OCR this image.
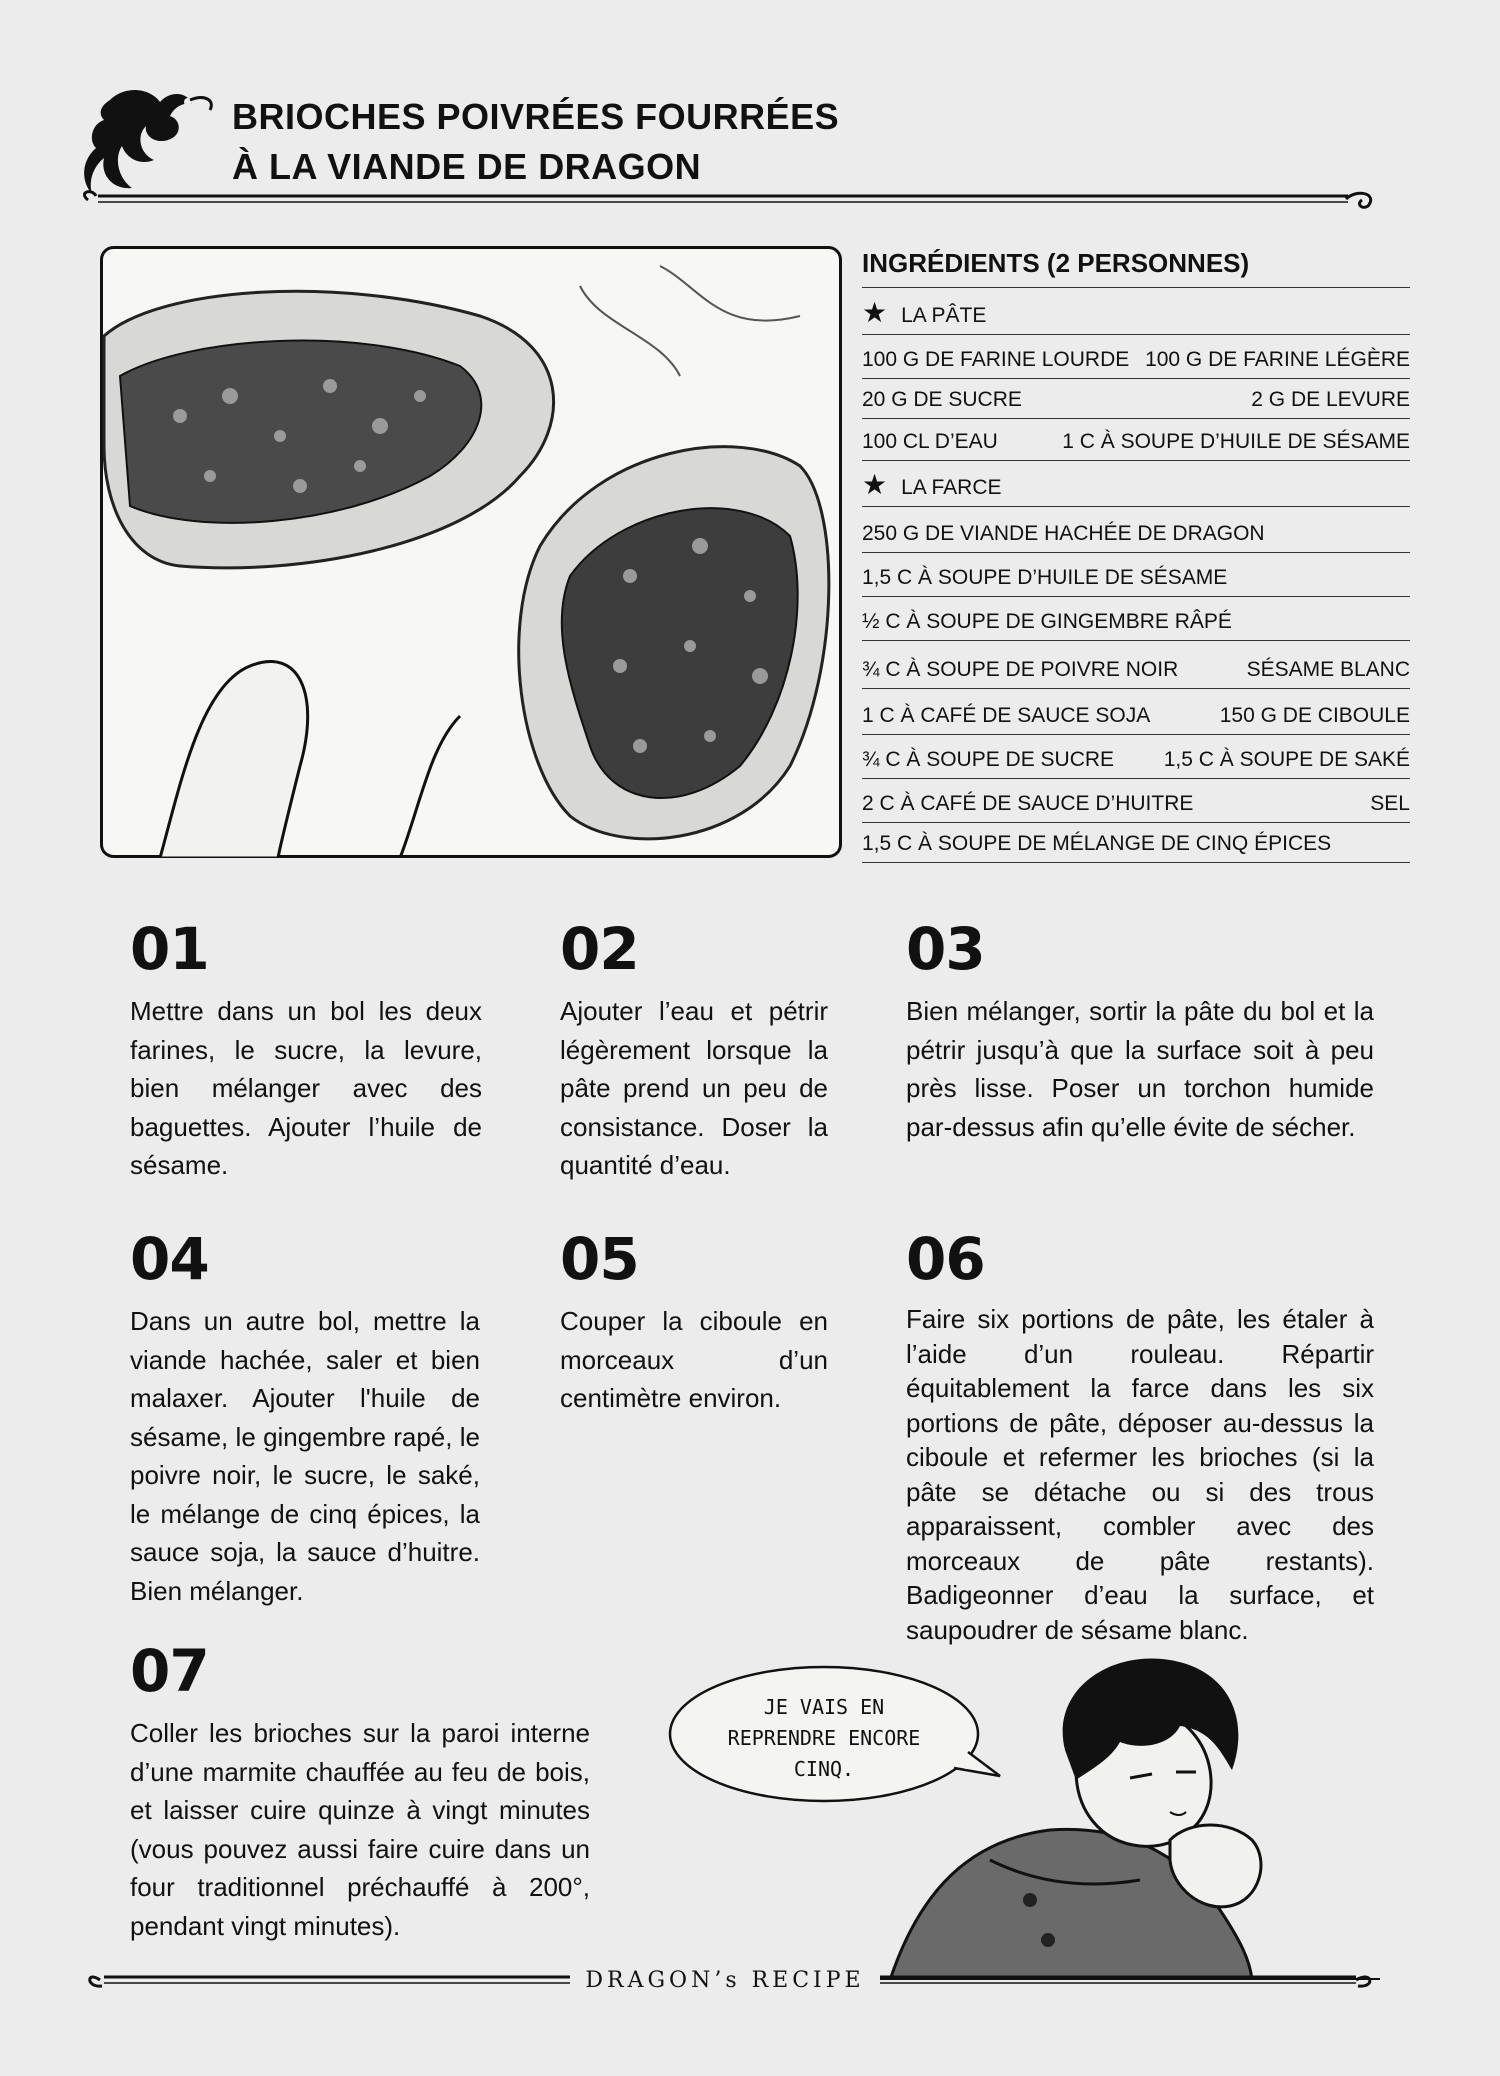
BRIOCHES POIVRÉES FOURRÉES
À LA VIANDE DE DRAGON
INGRÉDIENTS (2 PERSONNES)
★ LA PÂTE
100 G DE FARINE LOURDE 100 G DE FARINE LÉGÈRE
20 G DE SUCRE	2 G DE LEVURE
100 CL D’EAU	1 C À SOUPE D’HUILE DE SÉSAME
★ LA FARCE
250 G DE VIANDE HACHÉE DE DRAGON
1,5 C À SOUPE D’HUILE DE SÉSAME
½ C À SOUPE DE GINGEMBRE RÂPÉ
¾ C À SOUPE DE POIVRE NOIR	SÉSAME BLANC
1 C À CAFÉ DE SAUCE SOJA	150 G DE CIBOULE
¾ C À SOUPE DE SUCRE 1,5 C À SOUPE DE SAKÉ
2 C À CAFÉ DE SAUCE D’HUITRE	SEL
1,5 C À SOUPE DE MÉLANGE DE CINQ ÉPICES
01
Mettre dans un bol les deux farines, le sucre, la levure, bien mélanger avec des baguettes. Ajouter l’huile de sésame.
02
Ajouter l’eau et pétrir légèrement lorsque la pâte prend un peu de consistance. Doser la quantité d’eau.
03
Bien mélanger, sortir la pâte du bol et la pétrir jusqu’à que la surface soit à peu près lisse. Poser un torchon humide par-dessus afin qu’elle évite de sécher.
04
Dans un autre bol, mettre la viande hachée, saler et bien malaxer. Ajouter l'huile de sésame, le gingembre rapé, le poivre noir, le sucre, le saké, le mélange de cinq épices, la sauce soja, la sauce d’huitre. Bien mélanger.
05
Couper la ciboule en morceaux d’un centimètre environ.
06
Faire six portions de pâte, les étaler à l’aide d’un rouleau. Répartir équitablement la farce dans les six portions de pâte, déposer au-dessus la ciboule et refermer les brioches (si la pâte se détache ou si des trous apparaissent, combler avec des morceaux de pâte restants). Badigeonner d’eau la surface, et saupoudrer de sésame blanc.
07
Coller les brioches sur la paroi interne d’une marmite chauffée au feu de bois, et laisser cuire quinze à vingt minutes (vous pouvez aussi faire cuire dans un four traditionnel préchauffé à 200°, pendant vingt minutes).
JE VAIS EN
REPRENDRE ENCORE
CINQ.
DRAGON’s RECIPE
